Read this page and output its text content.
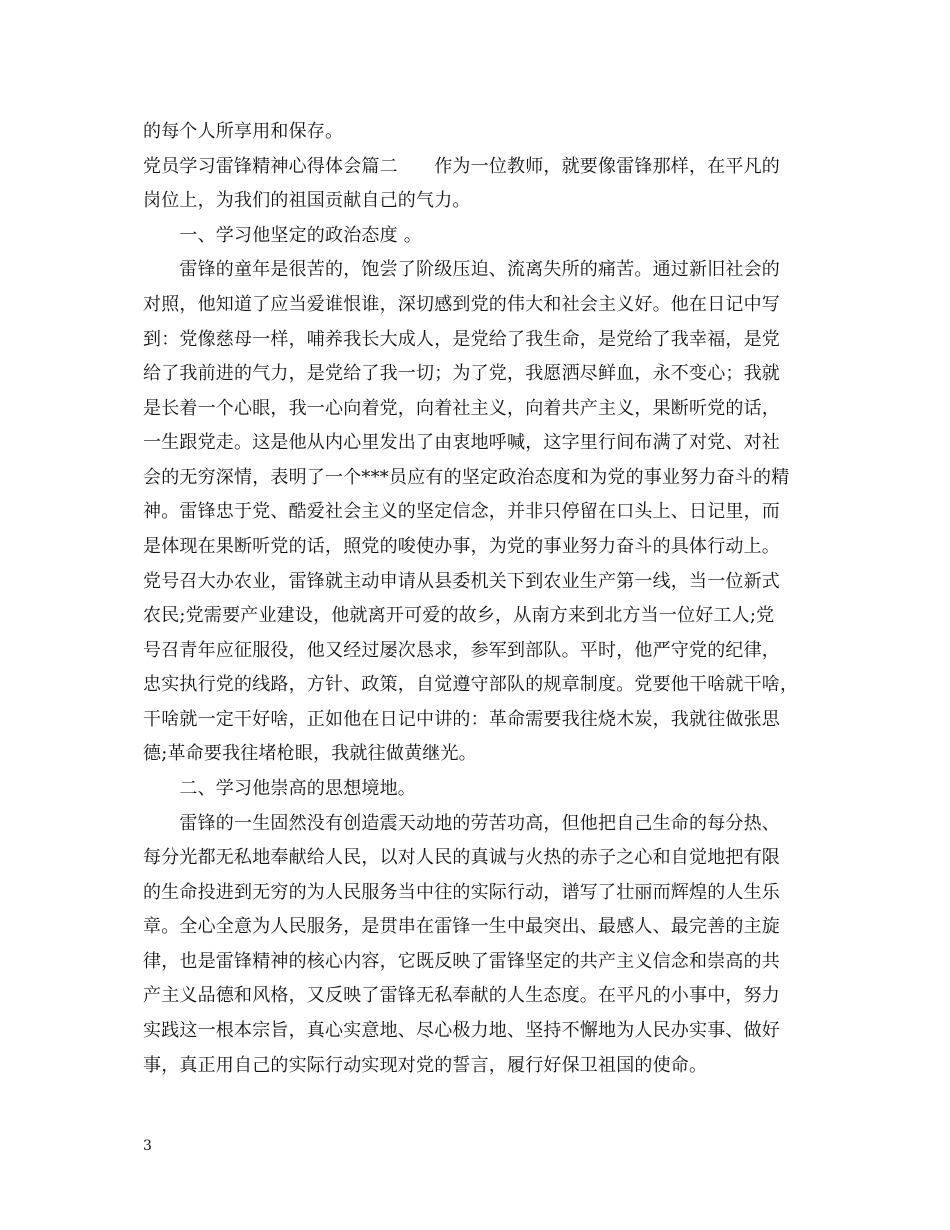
的每个人所享用和保存。
党员学习雷锋精神心得体会篇二　　作为一位教师，就要像雷锋那样，在平凡的
岗位上，为我们的祖国贡献自己的气力。
　　一、学习他坚定的政治态度 。
　　雷锋的童年是很苦的，饱尝了阶级压迫、流离失所的痛苦。通过新旧社会的
对照，他知道了应当爱谁恨谁，深切感到党的伟大和社会主义好。他在日记中写
到：党像慈母一样，哺养我长大成人，是党给了我生命，是党给了我幸福，是党
给了我前进的气力，是党给了我一切；为了党，我愿洒尽鲜血，永不变心；我就
是长着一个心眼，我一心向着党，向着社主义，向着共产主义，果断听党的话，
一生跟党走。这是他从内心里发出了由衷地呼喊，这字里行间布满了对党、对社
会的无穷深情，表明了一个***员应有的坚定政治态度和为党的事业努力奋斗的精
神。雷锋忠于党、酷爱社会主义的坚定信念，并非只停留在口头上、日记里，而
是体现在果断听党的话，照党的唆使办事，为党的事业努力奋斗的具体行动上。
党号召大办农业，雷锋就主动申请从县委机关下到农业生产第一线，当一位新式
农民;党需要产业建设，他就离开可爱的故乡，从南方来到北方当一位好工人;党
号召青年应征服役，他又经过屡次恳求，参军到部队。平时，他严守党的纪律，
忠实执行党的线路，方针、政策，自觉遵守部队的规章制度。党要他干啥就干啥，
干啥就一定干好啥，正如他在日记中讲的：革命需要我往烧木炭，我就往做张思
德;革命要我往堵枪眼，我就往做黄继光。
　　二、学习他崇高的思想境地。
　　雷锋的一生固然没有创造震天动地的劳苦功高，但他把自己生命的每分热、
每分光都无私地奉献给人民，以对人民的真诚与火热的赤子之心和自觉地把有限
的生命投进到无穷的为人民服务当中往的实际行动，谱写了壮丽而辉煌的人生乐
章。全心全意为人民服务，是贯串在雷锋一生中最突出、最感人、最完善的主旋
律，也是雷锋精神的核心内容，它既反映了雷锋坚定的共产主义信念和崇高的共
产主义品德和风格，又反映了雷锋无私奉献的人生态度。在平凡的小事中，努力
实践这一根本宗旨，真心实意地、尽心极力地、坚持不懈地为人民办实事、做好
事，真正用自己的实际行动实现对党的誓言，履行好保卫祖国的使命。
3
